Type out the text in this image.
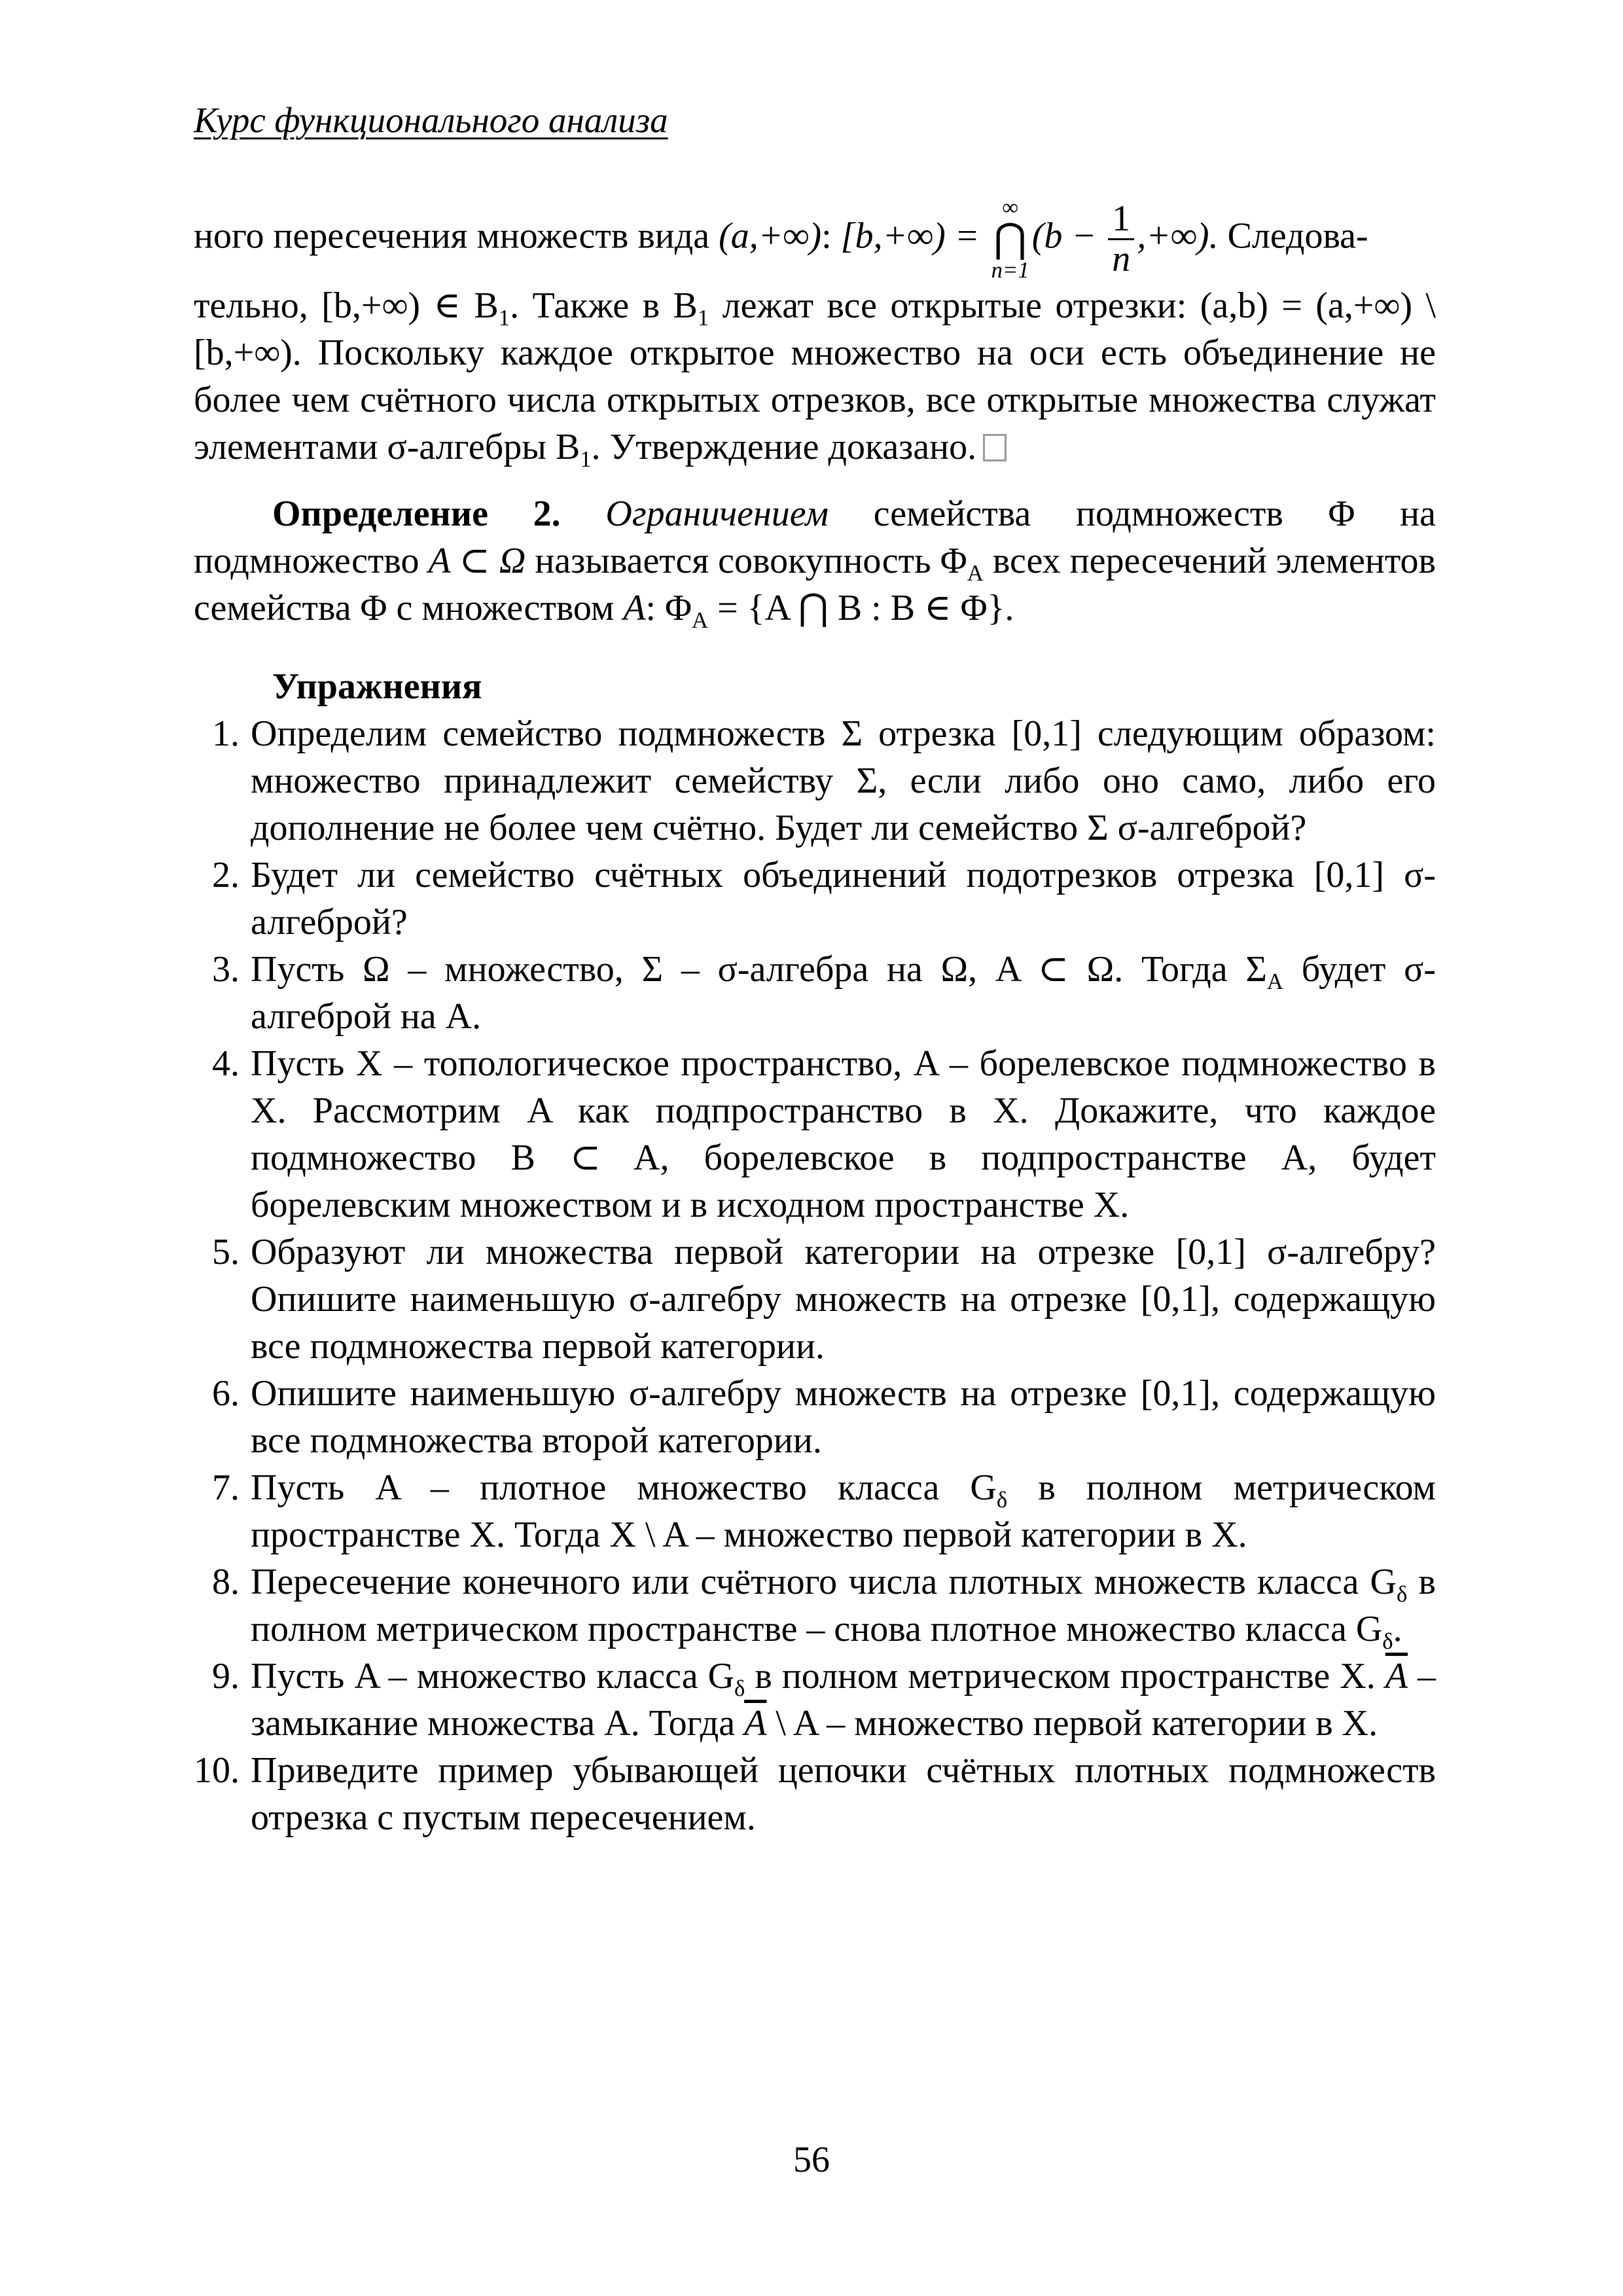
Курс функционального анализа

ного пересечения множеств вида (a,+∞): [b,+∞) =
∞
⋂
n=1
($b - \frac{1}{n}$ ,+∞). Следова-
тельно, [b,+∞) ∈ $B_1$. Также в $B_1$ лежат все открытые отрезки: (a,b) = (a,+∞) \ [b,+∞). Поскольку каждое открытое множество на оси есть объединение не более чем счётного числа открытых отрезков, все открытые множества служат элементами σ-алгебры $B_1$. Утверждение доказано.

Определение 2. Ограничением семейства подмножеств Φ на подмножество A ⊂ Ω называется совокупность $\Phi_A$ всех пересечений элементов семейства Φ с множеством A: $\Phi_A = \{A$ ⋂ B : B ∈ Φ}.

Упражнения

1. Определим семейство подмножеств Σ отрезка [0,1] следующим образом: множество принадлежит семейству Σ, если либо оно само, либо его дополнение не более чем счётно. Будет ли семейство Σ σ-алгеброй?
2. Будет ли семейство счётных объединений подотрезков отрезка [0,1] σ-алгеброй?
3. Пусть Ω – множество, Σ – σ-алгебра на Ω, A ⊂ Ω. Тогда $\Sigma_A$ будет σ-алгеброй на A.
4. Пусть X – топологическое пространство, A – борелевское подмножество в X. Рассмотрим A как подпространство в X. Докажите, что каждое подмножество B ⊂ A, борелевское в подпространстве A, будет борелевским множеством и в исходном пространстве X.
5. Образуют ли множества первой категории на отрезке [0,1] σ-алгебру? Опишите наименьшую σ-алгебру множеств на отрезке [0,1], содержащую все подмножества первой категории.
6. Опишите наименьшую σ-алгебру множеств на отрезке [0,1], содержащую все подмножества второй категории.
7. Пусть A – плотное множество класса $G_\delta$ в полном метрическом пространстве X. Тогда X \ A – множество первой категории в X.
8. Пересечение конечного или счётного числа плотных множеств класса $G_\delta$ в полном метрическом пространстве – снова плотное множество класса $G_\delta$.
9. Пусть A – множество класса $G_\delta$ в полном метрическом пространстве X. $\overline{A}$ – замыкание множества A. Тогда $\overline{A}$ \ A – множество первой категории в X.
10. Приведите пример убывающей цепочки счётных плотных подмножеств отрезка с пустым пересечением.
56
